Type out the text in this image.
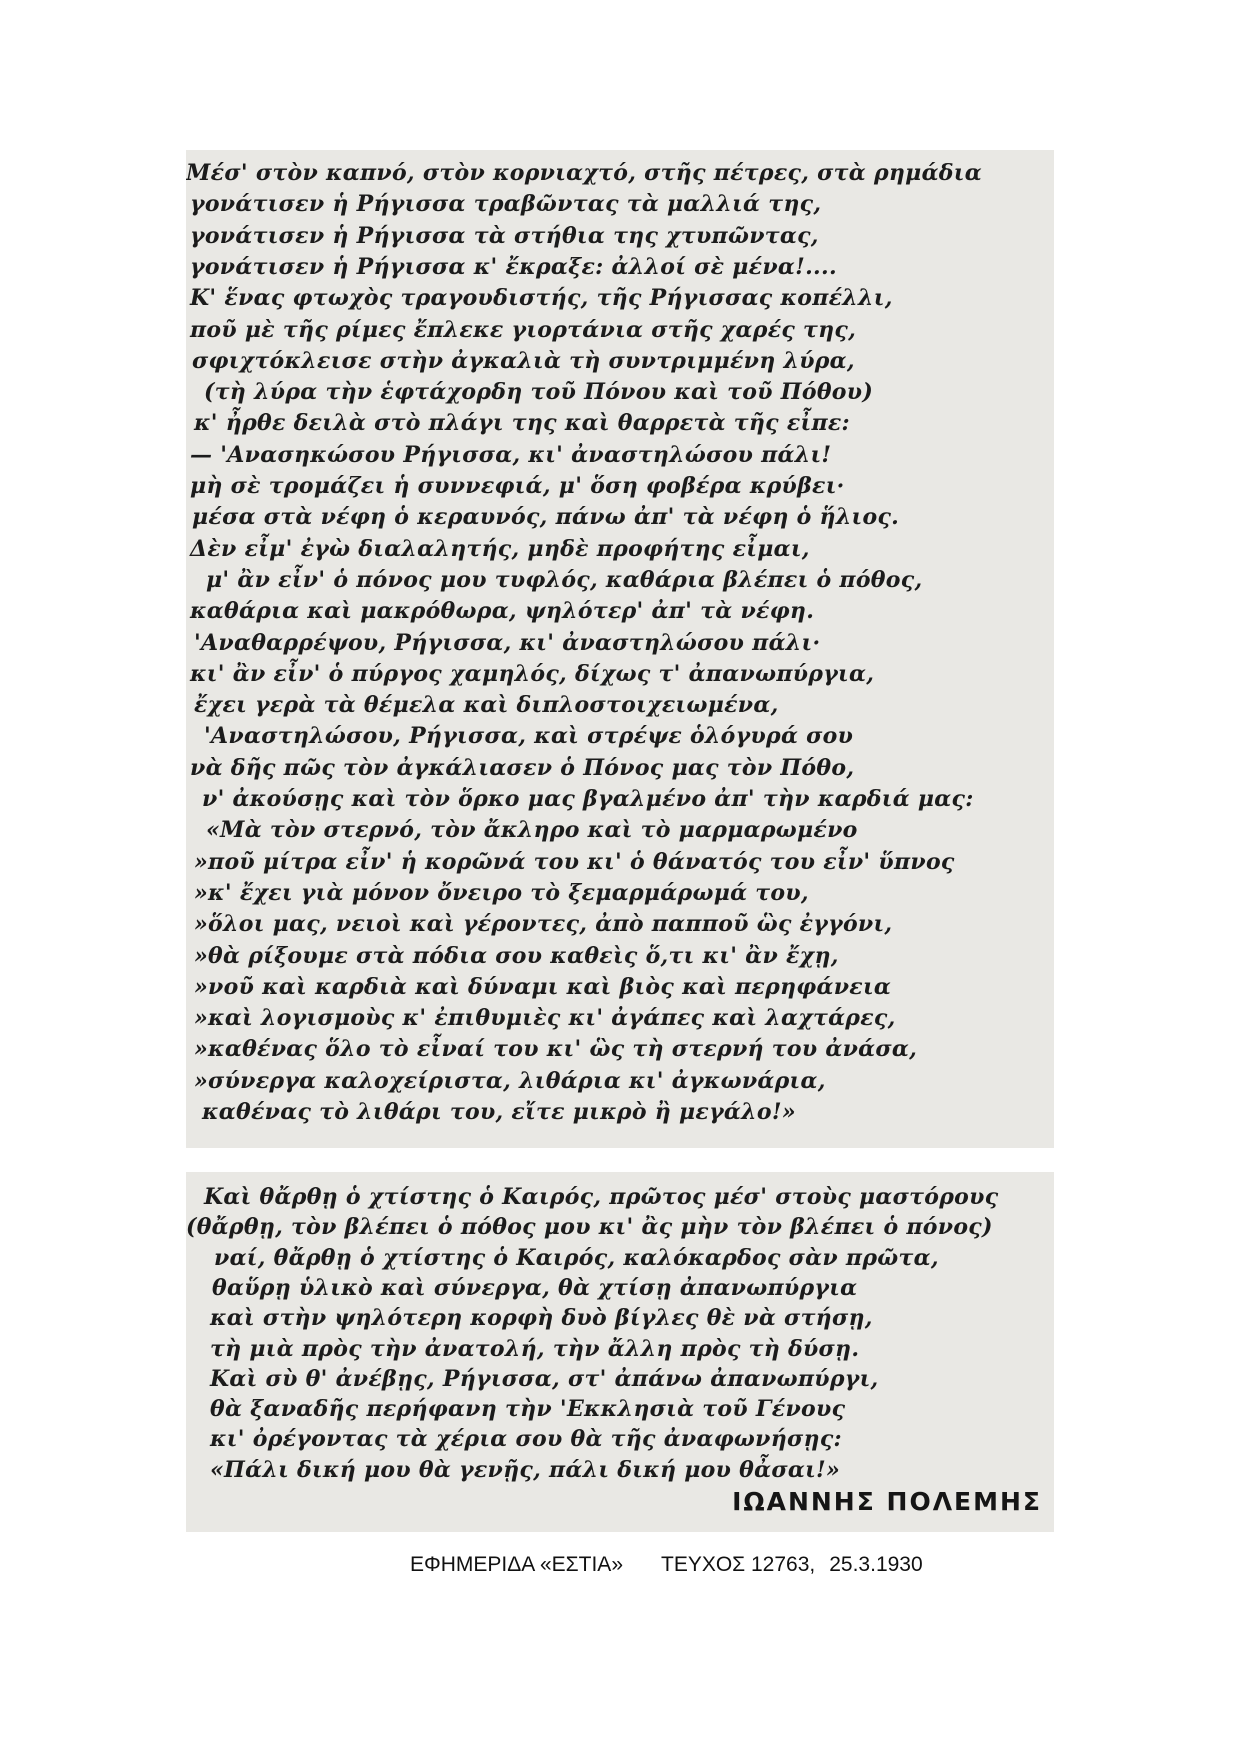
Μέσ' στὸν καπνό, στὸν κορνιαχτό, στῆς πέτρες, στὰ ρημάδια
γονάτισεν ἡ Ρήγισσα τραβῶντας τὰ μαλλιά της,
γονάτισεν ἡ Ρήγισσα τὰ στήθια της χτυπῶντας,
γονάτισεν ἡ Ρήγισσα κ' ἔκραξε: ἀλλοί σὲ μένα!....
Κ' ἕνας φτωχὸς τραγουδιστής, τῆς Ρήγισσας κοπέλλι,
ποῦ μὲ τῆς ρίμες ἔπλεκε γιορτάνια στῆς χαρές της,
σφιχτόκλεισε στὴν ἀγκαλιὰ τὴ συντριμμένη λύρα,
(τὴ λύρα τὴν ἑφτάχορδη τοῦ Πόνου καὶ τοῦ Πόθου)
κ' ἦρθε δειλὰ στὸ πλάγι της καὶ θαρρετὰ τῆς εἶπε:
— 'Ανασηκώσου Ρήγισσα, κι' ἀναστηλώσου πάλι!
μὴ σὲ τρομάζει ἡ συννεφιά, μ' ὅση φοβέρα κρύβει·
μέσα στὰ νέφη ὁ κεραυνός, πάνω ἀπ' τὰ νέφη ὁ ἥλιος.
Δὲν εἶμ' ἐγὼ διαλαλητής, μηδὲ προφήτης εἶμαι,
μ' ἂν εἶν' ὁ πόνος μου τυφλός, καθάρια βλέπει ὁ πόθος,
καθάρια καὶ μακρόθωρα, ψηλότερ' ἀπ' τὰ νέφη.
'Αναθαρρέψου, Ρήγισσα, κι' ἀναστηλώσου πάλι·
κι' ἂν εἶν' ὁ πύργος χαμηλός, δίχως τ' ἀπανωπύργια,
ἔχει γερὰ τὰ θέμελα καὶ διπλοστοιχειωμένα,
'Αναστηλώσου, Ρήγισσα, καὶ στρέψε ὁλόγυρά σου
νὰ δῆς πῶς τὸν ἀγκάλιασεν ὁ Πόνος μας τὸν Πόθο,
ν' ἀκούσῃς καὶ τὸν ὅρκο μας βγαλμένο ἀπ' τὴν καρδιά μας:
«Μὰ τὸν στερνό, τὸν ἄκληρο καὶ τὸ μαρμαρωμένο
»ποῦ μίτρα εἶν' ἡ κορῶνά του κι' ὁ θάνατός του εἶν' ὕπνος
»κ' ἔχει γιὰ μόνον ὄνειρο τὸ ξεμαρμάρωμά του,
»ὅλοι μας, νειοὶ καὶ γέροντες, ἀπὸ παπποῦ ὣς ἐγγόνι,
»θὰ ρίξουμε στὰ πόδια σου καθεὶς ὅ,τι κι' ἂν ἔχῃ,
»νοῦ καὶ καρδιὰ καὶ δύναμι καὶ βιὸς καὶ περηφάνεια
»καὶ λογισμοὺς κ' ἐπιθυμιὲς κι' ἀγάπες καὶ λαχτάρες,
»καθένας ὅλο τὸ εἶναί του κι' ὣς τὴ στερνή του ἀνάσα,
»σύνεργα καλοχείριστα, λιθάρια κι' ἀγκωνάρια,
καθένας τὸ λιθάρι του, εἴτε μικρὸ ἢ μεγάλο!»
ΙΩΑΝΝΗΣ ΠΟΛΕΜΗΣ
Καὶ θἄρθῃ ὁ χτίστης ὁ Καιρός, πρῶτος μέσ' στοὺς μαστόρους
(θἄρθῃ, τὸν βλέπει ὁ πόθος μου κι' ἂς μὴν τὸν βλέπει ὁ πόνος)
ναί, θἄρθῃ ὁ χτίστης ὁ Καιρός, καλόκαρδος σὰν πρῶτα,
θαὕρῃ ὑλικὸ καὶ σύνεργα, θὰ χτίσῃ ἀπανωπύργια
καὶ στὴν ψηλότερη κορφὴ δυὸ βίγλες θὲ νὰ στήσῃ,
τὴ μιὰ πρὸς τὴν ἀνατολή, τὴν ἄλλη πρὸς τὴ δύσῃ.
Καὶ σὺ θ' ἀνέβῃς, Ρήγισσα, στ' ἀπάνω ἀπανωπύργι,
θὰ ξαναδῆς περήφανη τὴν 'Εκκλησιὰ τοῦ Γένους
κι' ὀρέγοντας τὰ χέρια σου θὰ τῆς ἀναφωνήσῃς:
«Πάλι δική μου θὰ γενῇς, πάλι δική μου θἆσαι!»
ΕΦΗΜΕΡΙΔΑ «ΕΣΤΙΑ» ΤΕΥΧΟΣ 12763, 25.3.1930
